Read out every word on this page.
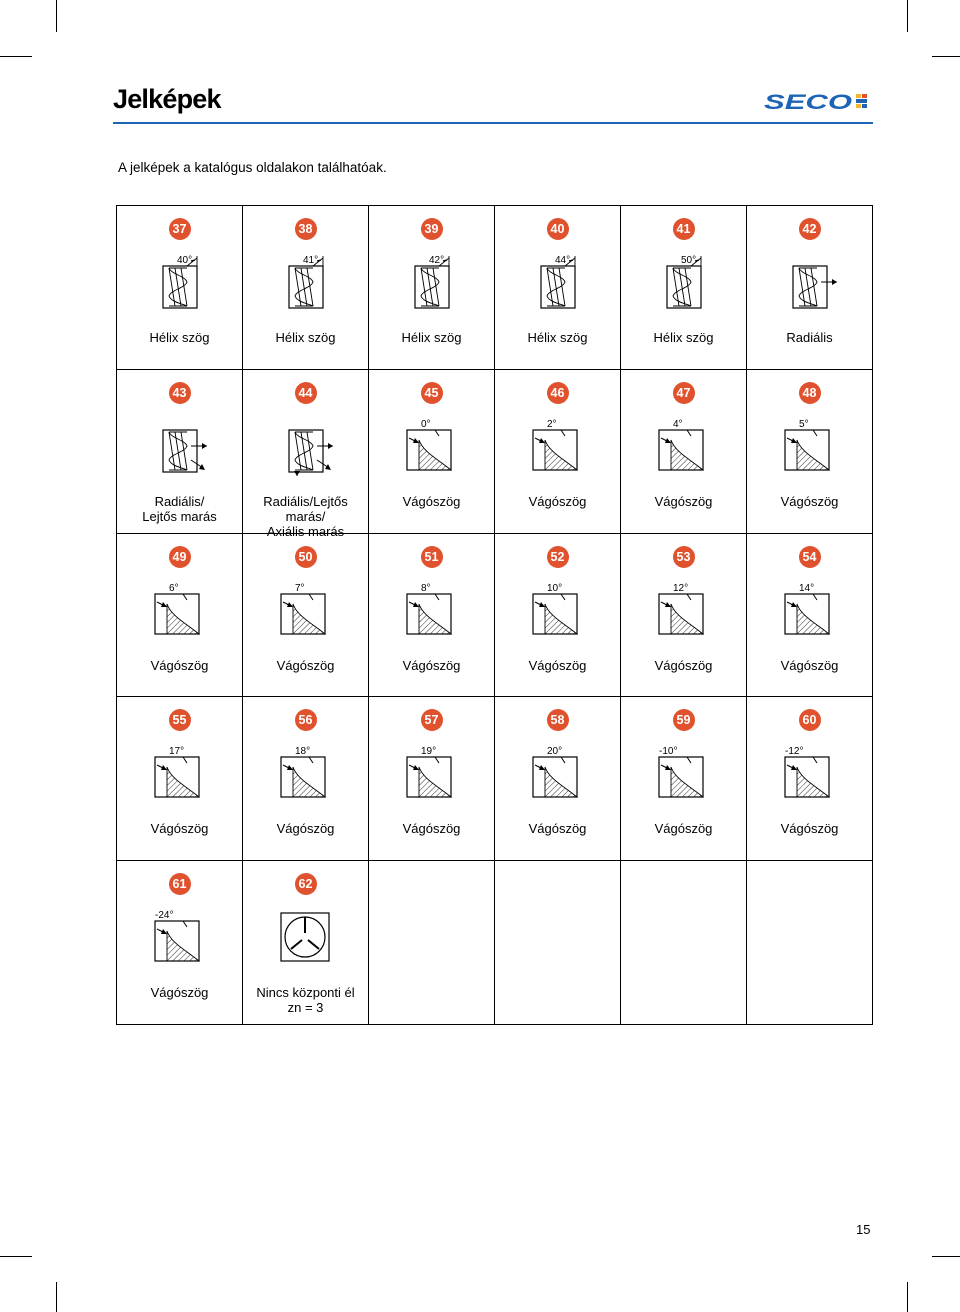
Jelképek	SECO
A jelképek a katalógus oldalakon találhatóak.
37
40°
Hélix szög
38
41°
Hélix szög
39
42°
Hélix szög
40
44°
Hélix szög
41
50°
Hélix szög
42
Radiális
43
Radiális/
Lejtős marás
44
Radiális/Lejtős marás/
Axiális marás
45
0°
Vágószög
46
2°
Vágószög
47
4°
Vágószög
48
5°
Vágószög
49
6°
Vágószög
50
7°
Vágószög
51
8°
Vágószög
52
10°
Vágószög
53
12°
Vágószög
54
14°
Vágószög
55
17°
Vágószög
56
18°
Vágószög
57
19°
Vágószög
58
20°
Vágószög
59
-10°
Vágószög
60
-12°
Vágószög
61
-24°
Vágószög
62
Nincs központi él
zn = 3
15
